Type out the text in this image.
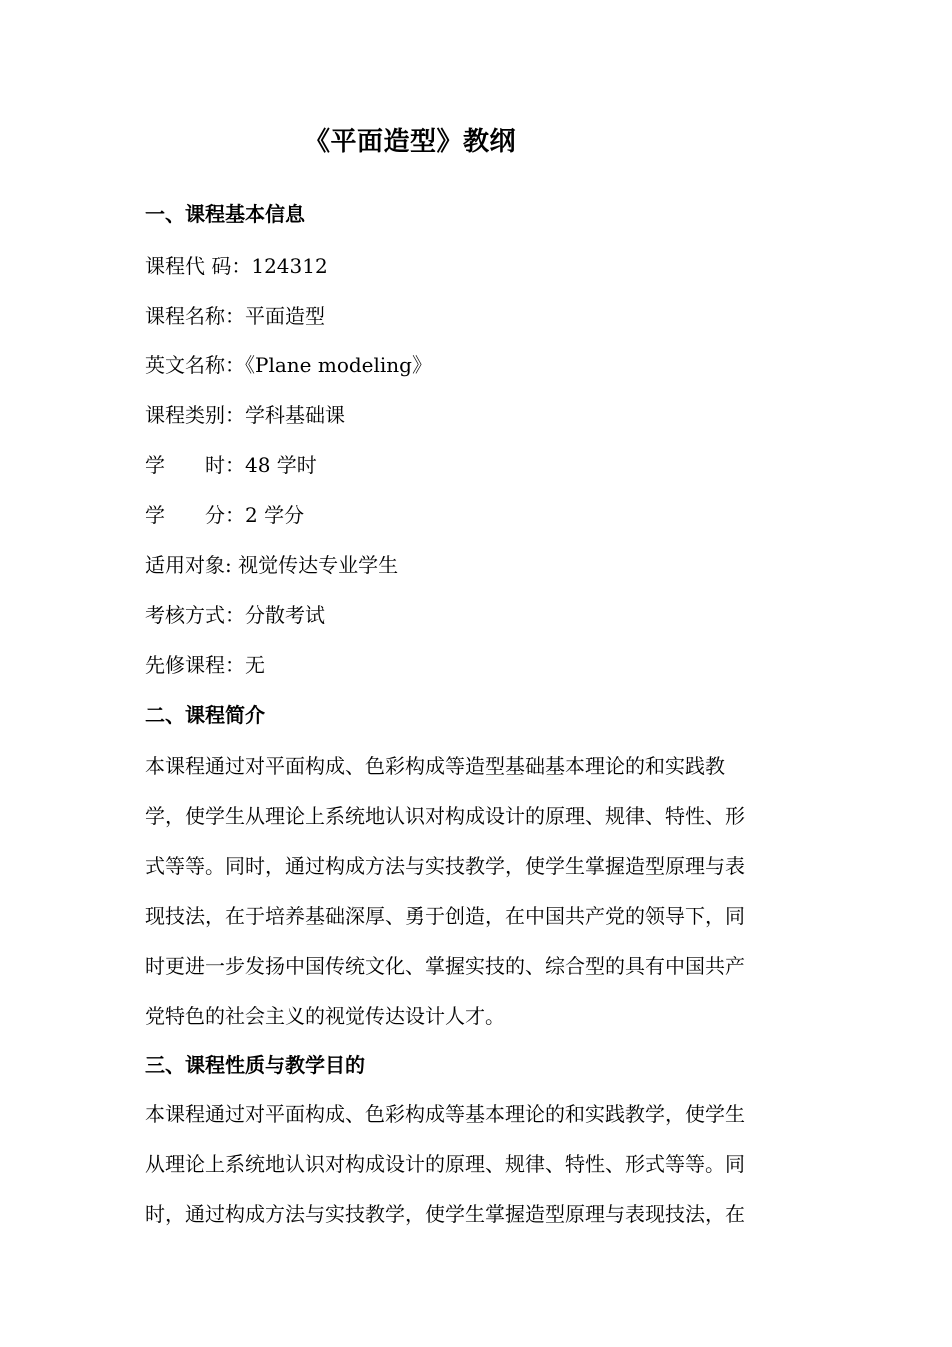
《平面造型》教纲
一、课程基本信息
课程代 码：124312
课程名称：平面造型
英文名称：《Plane modeling》
课程类别：学科基础课
学　　时：48 学时
学　　分：2 学分
适用对象: 视觉传达专业学生
考核方式：分散考试
先修课程：无
二、课程简介
本课程通过对平面构成、色彩构成等造型基础基本理论的和实践教
学，使学生从理论上系统地认识对构成设计的原理、规律、特性、形
式等等。同时，通过构成方法与实技教学，使学生掌握造型原理与表
现技法，在于培养基础深厚、勇于创造，在中国共产党的领导下，同
时更进一步发扬中国传统文化、掌握实技的、综合型的具有中国共产
党特色的社会主义的视觉传达设计人才。
三、课程性质与教学目的
本课程通过对平面构成、色彩构成等基本理论的和实践教学，使学生
从理论上系统地认识对构成设计的原理、规律、特性、形式等等。同
时，通过构成方法与实技教学，使学生掌握造型原理与表现技法，在
